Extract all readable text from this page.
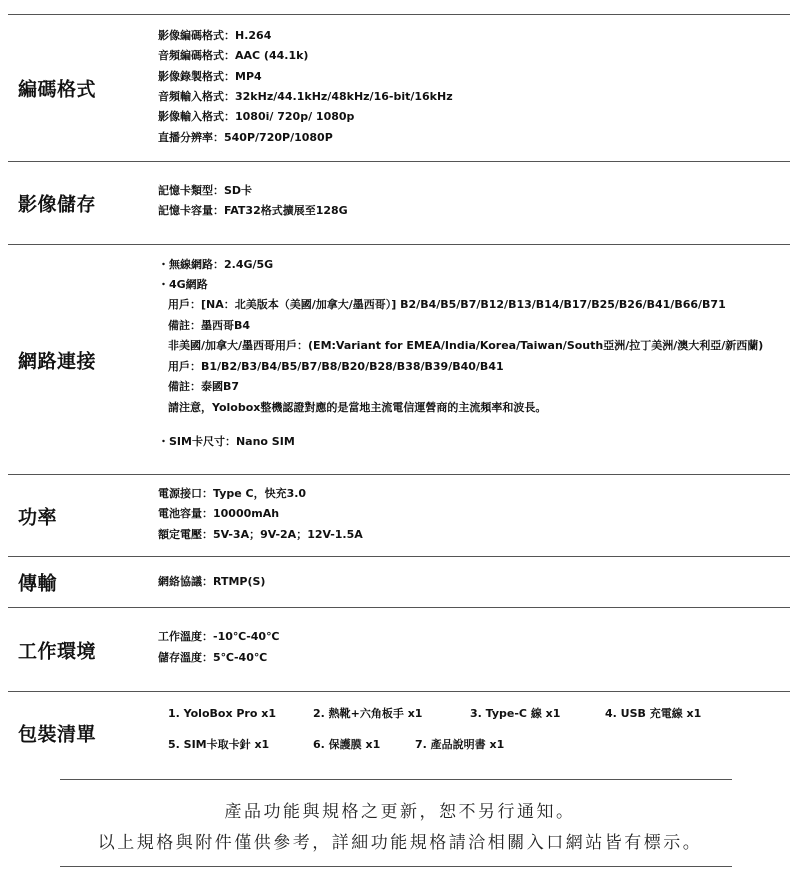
編碼格式
影像編碼格式：H.264
音頻編碼格式：AAC (44.1k)
影像錄製格式：MP4
音頻輸入格式：32kHz/44.1kHz/48kHz/16-bit/16kHz
影像輸入格式：1080i/ 720p/ 1080p
直播分辨率：540P/720P/1080P
影像儲存
記憶卡類型：SD卡
記憶卡容量：FAT32格式擴展至128G
網路連接
・無線網路：2.4G/5G
・4G網路
用戶：[NA：北美版本（美國/加拿大/墨西哥）] B2/B4/B5/B7/B12/B13/B14/B17/B25/B26/B41/B66/B71
備註：墨西哥B4
非美國/加拿大/墨西哥用戶：(EM:Variant for EMEA/India/Korea/Taiwan/South亞洲/拉丁美洲/澳大利亞/新西蘭)
用戶：B1/B2/B3/B4/B5/B7/B8/B20/B28/B38/B39/B40/B41
備註：泰國B7
請注意，Yolobox整機認證對應的是當地主流電信運營商的主流頻率和波長。
・SIM卡尺寸：Nano SIM
功率
電源接口：Type C，快充3.0
電池容量：10000mAh
額定電壓：5V-3A；9V-2A；12V-1.5A
傳輸	網絡協議：RTMP(S)
工作環境
工作溫度：-10℃-40℃
儲存溫度：5℃-40℃
包裝清單
1. YoloBox Pro x1	2. 熱靴+六角板手 x1	3. Type-C 線 x1	4. USB 充電線 x1
5. SIM卡取卡針 x1	6. 保護膜 x1	7. 產品說明書 x1
產品功能與規格之更新，恕不另行通知。
以上規格與附件僅供參考，詳細功能規格請洽相關入口網站皆有標示。
